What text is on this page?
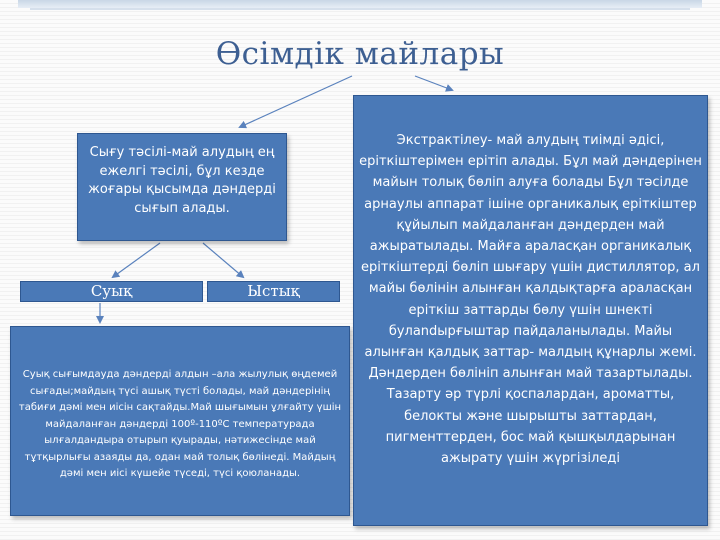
Өсімдік майлары
Сығу тәсілі-май алудың ең ежелгі тәсілі, бұл кезде жоғары қысымда дәндерді сығып алады.
Суық	Ыстық
Суық сығымдауда дәндерді алдын –ала жылулық өңдемей сығады;майдың түсі ашық түсті болады, май дәндерінің табиғи дәмі мен иісін сақтайды.Май шығымын ұлғайту үшін майдаланған дәндерді 100º-110ºС температурада ылғалдандыра отырып қуырады, нәтижесінде май тұтқырлығы азаяды да, одан май толық бөлінеді. Майдың дәмі мен иісі күшейе түседі, түсі қоюланады.
Экстрактілеу- май алудың тиімді әдісі, еріткіштерімен ерітіп алады. Бұл май дәндерінен майын толық бөліп алуға болады Бұл тәсілде арнаулы аппарат ішіне органикалық еріткіштер құйылып майдаланған дәндерден май ажыратылады. Майға араласқан органикалық еріткіштерді бөліп шығару үшін дистиллятор, ал майы бөлінін алынған қалдықтарға араласқан еріткіш заттарды бөлу үшін шнекті булandырғыштар пайдаланылады. Майы алынған қалдық заттар- малдың құнарлы жемі. Дәндерден бөлініп алынған май тазартылады. Тазарту әр түрлі қоспалардан, ароматты, белокты және шырышты заттардан, пигменттерден, бос май қышқылдарынан ажырату үшін жүргізіледі
